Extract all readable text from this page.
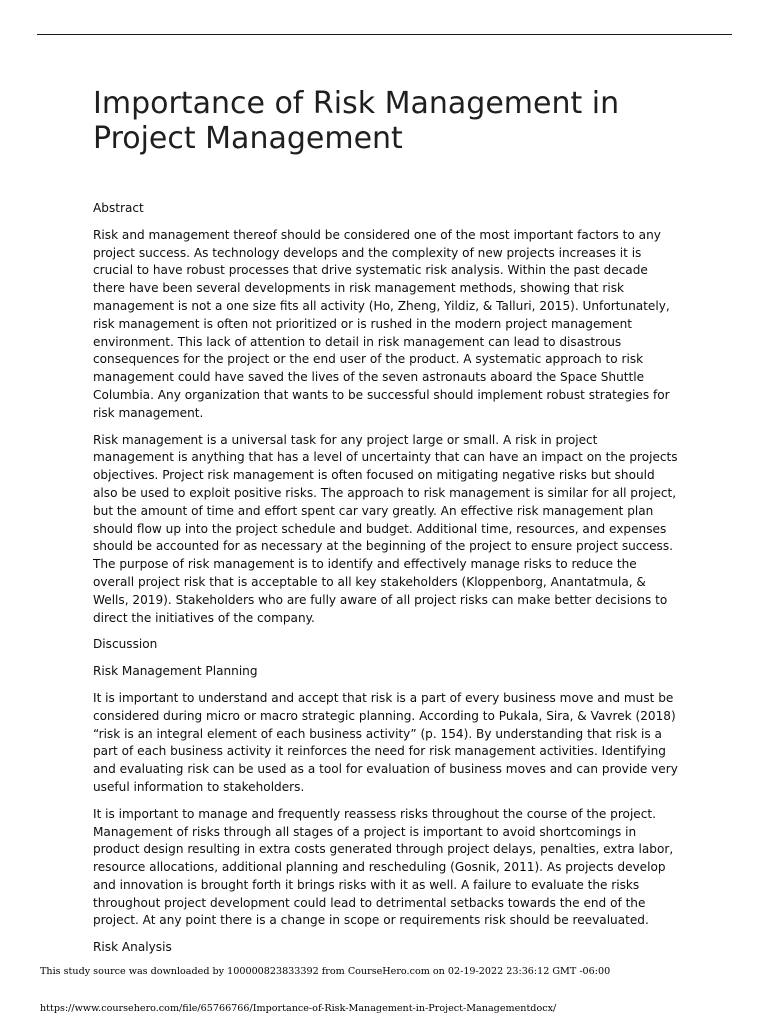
Importance of Risk Management in
Project Management

Abstract

Risk and management thereof should be considered one of the most important factors to any project success. As technology develops and the complexity of new projects increases it is crucial to have robust processes that drive systematic risk analysis. Within the past decade there have been several developments in risk management methods, showing that risk management is not a one size fits all activity (Ho, Zheng, Yildiz, & Talluri, 2015). Unfortunately, risk management is often not prioritized or is rushed in the modern project management environment. This lack of attention to detail in risk management can lead to disastrous consequences for the project or the end user of the product. A systematic approach to risk management could have saved the lives of the seven astronauts aboard the Space Shuttle Columbia. Any organization that wants to be successful should implement robust strategies for risk management.

Risk management is a universal task for any project large or small. A risk in project management is anything that has a level of uncertainty that can have an impact on the projects objectives. Project risk management is often focused on mitigating negative risks but should also be used to exploit positive risks. The approach to risk management is similar for all project, but the amount of time and effort spent car vary greatly. An effective risk management plan should flow up into the project schedule and budget. Additional time, resources, and expenses should be accounted for as necessary at the beginning of the project to ensure project success. The purpose of risk management is to identify and effectively manage risks to reduce the overall project risk that is acceptable to all key stakeholders (Kloppenborg, Anantatmula, & Wells, 2019). Stakeholders who are fully aware of all project risks can make better decisions to direct the initiatives of the company.

Discussion

Risk Management Planning

It is important to understand and accept that risk is a part of every business move and must be considered during micro or macro strategic planning. According to Pukala, Sira, & Vavrek (2018) “risk is an integral element of each business activity” (p. 154). By understanding that risk is a part of each business activity it reinforces the need for risk management activities. Identifying and evaluating risk can be used as a tool for evaluation of business moves and can provide very useful information to stakeholders.

It is important to manage and frequently reassess risks throughout the course of the project. Management of risks through all stages of a project is important to avoid shortcomings in product design resulting in extra costs generated through project delays, penalties, extra labor, resource allocations, additional planning and rescheduling (Gosnik, 2011). As projects develop and innovation is brought forth it brings risks with it as well. A failure to evaluate the risks throughout project development could lead to detrimental setbacks towards the end of the project. At any point there is a change in scope or requirements risk should be reevaluated.

Risk Analysis

This study source was downloaded by 100000823833392 from CourseHero.com on 02-19-2022 23:36:12 GMT -06:00
https://www.coursehero.com/file/65766766/Importance-of-Risk-Management-in-Project-Managementdocx/
